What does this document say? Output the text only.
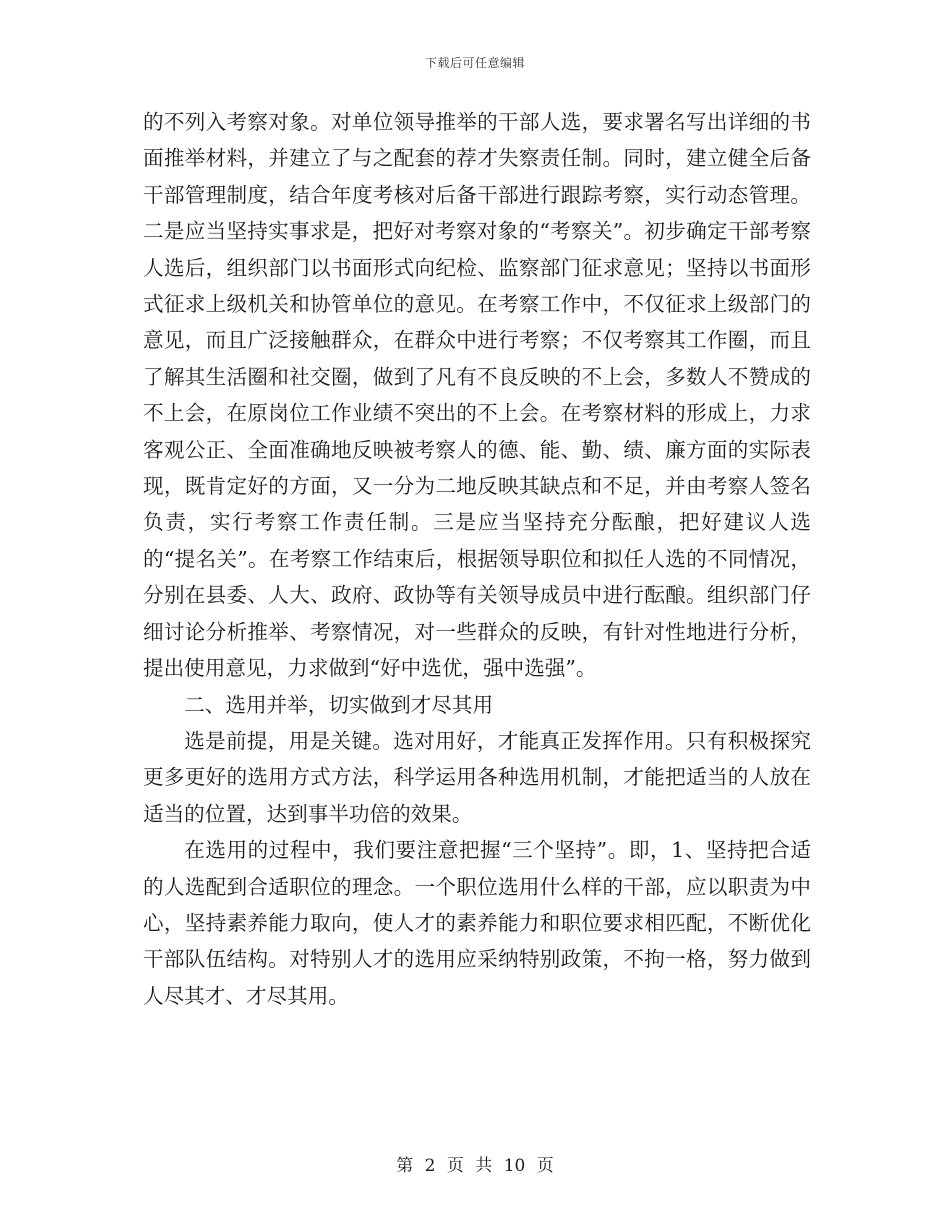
下载后可任意编辑

的不列入考察对象。对单位领导推举的干部人选，要求署名写出详细的书面推举材料，并建立了与之配套的荐才失察责任制。同时，建立健全后备干部管理制度，结合年度考核对后备干部进行跟踪考察，实行动态管理。二是应当坚持实事求是，把好对考察对象的“考察关”。初步确定干部考察人选后，组织部门以书面形式向纪检、监察部门征求意见；坚持以书面形式征求上级机关和协管单位的意见。在考察工作中，不仅征求上级部门的意见，而且广泛接触群众，在群众中进行考察；不仅考察其工作圈，而且了解其生活圈和社交圈，做到了凡有不良反映的不上会，多数人不赞成的不上会，在原岗位工作业绩不突出的不上会。在考察材料的形成上，力求客观公正、全面准确地反映被考察人的德、能、勤、绩、廉方面的实际表现，既肯定好的方面，又一分为二地反映其缺点和不足，并由考察人签名负责，实行考察工作责任制。三是应当坚持充分酝酿，把好建议人选的“提名关”。在考察工作结束后，根据领导职位和拟任人选的不同情况，分别在县委、人大、政府、政协等有关领导成员中进行酝酿。组织部门仔细讨论分析推举、考察情况，对一些群众的反映，有针对性地进行分析，提出使用意见，力求做到“好中选优，强中选强”。

二、选用并举，切实做到才尽其用

选是前提，用是关键。选对用好，才能真正发挥作用。只有积极探究更多更好的选用方式方法，科学运用各种选用机制，才能把适当的人放在适当的位置，达到事半功倍的效果。

在选用的过程中，我们要注意把握“三个坚持”。即，1、坚持把合适的人选配到合适职位的理念。一个职位选用什么样的干部，应以职责为中心，坚持素养能力取向，使人才的素养能力和职位要求相匹配，不断优化干部队伍结构。对特别人才的选用应采纳特别政策，不拘一格，努力做到人尽其才、才尽其用。

第 2 页 共 10 页
